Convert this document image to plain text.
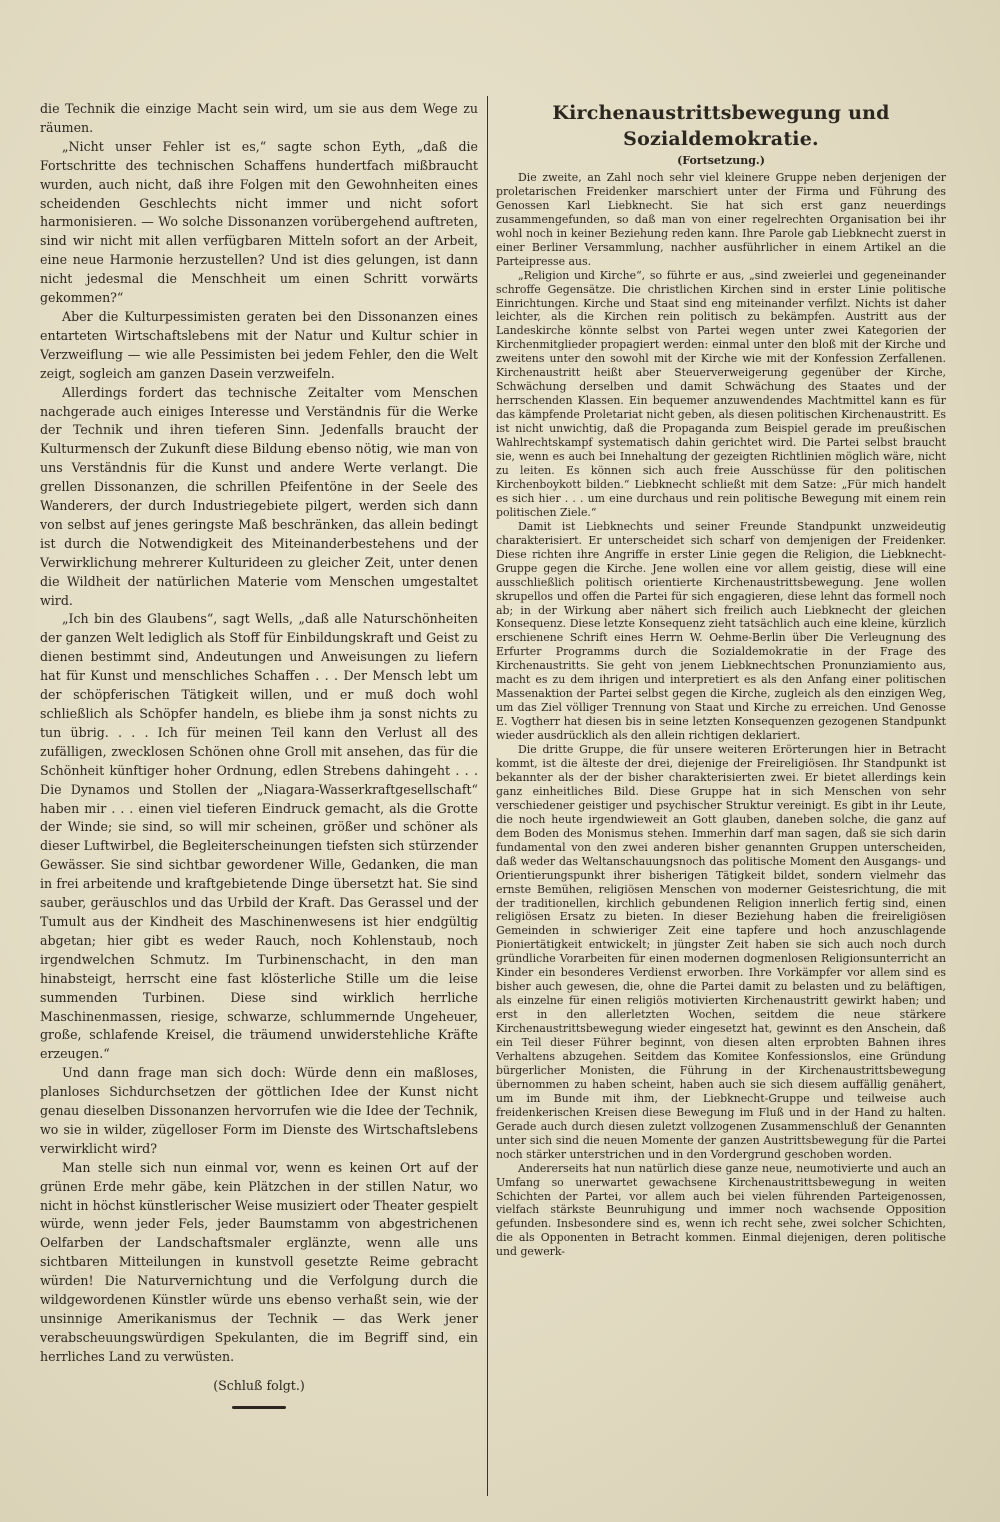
die Technik die einzige Macht sein wird, um sie aus dem Wege zu räumen.

„Nicht unser Fehler ist es,“ sagte schon Eyth, „daß die Fortschritte des technischen Schaffens hundertfach mißbraucht wurden, auch nicht, daß ihre Folgen mit den Gewohnheiten eines scheidenden Geschlechts nicht immer und nicht sofort harmonisieren. — Wo solche Dissonanzen vorübergehend auftreten, sind wir nicht mit allen verfügbaren Mitteln sofort an der Arbeit, eine neue Harmonie herzustellen? Und ist dies gelungen, ist dann nicht jedesmal die Menschheit um einen Schritt vorwärts gekommen?“

Aber die Kulturpessimisten geraten bei den Dissonanzen eines entarteten Wirtschaftslebens mit der Natur und Kultur schier in Verzweiflung — wie alle Pessimisten bei jedem Fehler, den die Welt zeigt, sogleich am ganzen Dasein verzweifeln.

Allerdings fordert das technische Zeitalter vom Menschen nachgerade auch einiges Interesse und Verständnis für die Werke der Technik und ihren tieferen Sinn. Jedenfalls braucht der Kulturmensch der Zukunft diese Bildung ebenso nötig, wie man von uns Verständnis für die Kunst und andere Werte verlangt. Die grellen Dissonanzen, die schrillen Pfeifentöne in der Seele des Wanderers, der durch Industriegebiete pilgert, werden sich dann von selbst auf jenes geringste Maß beschränken, das allein bedingt ist durch die Notwendigkeit des Miteinanderbestehens und der Verwirklichung mehrerer Kulturideen zu gleicher Zeit, unter denen die Wildheit der natürlichen Materie vom Menschen umgestaltet wird.

„Ich bin des Glaubens“, sagt Wells, „daß alle Naturschönheiten der ganzen Welt lediglich als Stoff für Einbildungskraft und Geist zu dienen bestimmt sind, Andeutungen und Anweisungen zu liefern hat für Kunst und menschliches Schaffen . . . Der Mensch lebt um der schöpferischen Tätigkeit willen, und er muß doch wohl schließlich als Schöpfer handeln, es bliebe ihm ja sonst nichts zu tun übrig. . . . Ich für meinen Teil kann den Verlust all des zufälligen, zwecklosen Schönen ohne Groll mit ansehen, das für die Schönheit künftiger hoher Ordnung, edlen Strebens dahingeht . . . Die Dynamos und Stollen der „Niagara-Wasserkraftgesellschaft“ haben mir . . . einen viel tieferen Eindruck gemacht, als die Grotte der Winde; sie sind, so will mir scheinen, größer und schöner als dieser Luftwirbel, die Begleiterscheinungen tiefsten sich stürzender Gewässer. Sie sind sichtbar gewordener Wille, Gedanken, die man in frei arbeitende und kraftgebietende Dinge übersetzt hat. Sie sind sauber, geräuschlos und das Urbild der Kraft. Das Gerassel und der Tumult aus der Kindheit des Maschinenwesens ist hier endgültig abgetan; hier gibt es weder Rauch, noch Kohlenstaub, noch irgendwelchen Schmutz. Im Turbinenschacht, in den man hinabsteigt, herrscht eine fast klösterliche Stille um die leise summenden Turbinen. Diese sind wirklich herrliche Maschinenmassen, riesige, schwarze, schlummernde Ungeheuer, große, schlafende Kreisel, die träumend unwiderstehliche Kräfte erzeugen.“

Und dann frage man sich doch: Würde denn ein maßloses, planloses Sichdurchsetzen der göttlichen Idee der Kunst nicht genau dieselben Dissonanzen hervorrufen wie die Idee der Technik, wo sie in wilder, zügelloser Form im Dienste des Wirtschaftslebens verwirklicht wird?

Man stelle sich nun einmal vor, wenn es keinen Ort auf der grünen Erde mehr gäbe, kein Plätzchen in der stillen Natur, wo nicht in höchst künstlerischer Weise musiziert oder Theater gespielt würde, wenn jeder Fels, jeder Baumstamm von abgestrichenen Oelfarben der Landschaftsmaler erglänzte, wenn alle uns sichtbaren Mitteilungen in kunstvoll gesetzte Reime gebracht würden! Die Naturvernichtung und die Verfolgung durch die wildgewordenen Künstler würde uns ebenso verhaßt sein, wie der unsinnige Amerikanismus der Technik — das Werk jener verabscheuungswürdigen Spekulanten, die im Begriff sind, ein herrliches Land zu verwüsten.

(Schluß folgt.)
Kirchenaustrittsbewegung und Sozialdemokratie.
(Fortsetzung.)

Die zweite, an Zahl noch sehr viel kleinere Gruppe neben derjenigen der proletarischen Freidenker marschiert unter der Firma und Führung des Genossen Karl Liebknecht. Sie hat sich erst ganz neuerdings zusammengefunden, so daß man von einer regelrechten Organisation bei ihr wohl noch in keiner Beziehung reden kann. Ihre Parole gab Liebknecht zuerst in einer Berliner Versammlung, nachher ausführlicher in einem Artikel an die Parteipresse aus.

„Religion und Kirche“, so führte er aus, „sind zweierlei und gegeneinander schroffe Gegensätze. Die christlichen Kirchen sind in erster Linie politische Einrichtungen. Kirche und Staat sind eng miteinander verfilzt. Nichts ist daher leichter, als die Kirchen rein politisch zu bekämpfen. Austritt aus der Landeskirche könnte selbst von Partei wegen unter zwei Kategorien der Kirchenmitglieder propagiert werden: einmal unter den bloß mit der Kirche und zweitens unter den sowohl mit der Kirche wie mit der Konfession Zerfallenen. Kirchenaustritt heißt aber Steuerverweigerung gegenüber der Kirche, Schwächung derselben und damit Schwächung des Staates und der herrschenden Klassen. Ein bequemer anzuwendendes Machtmittel kann es für das kämpfende Proletariat nicht geben, als diesen politischen Kirchenaustritt. Es ist nicht unwichtig, daß die Propaganda zum Beispiel gerade im preußischen Wahlrechtskampf systematisch dahin gerichtet wird. Die Partei selbst braucht sie, wenn es auch bei Innehaltung der gezeigten Richtlinien möglich wäre, nicht zu leiten. Es können sich auch freie Ausschüsse für den politischen Kirchenboykott bilden.“ Liebknecht schließt mit dem Satze: „Für mich handelt es sich hier . . . um eine durchaus und rein politische Bewegung mit einem rein politischen Ziele.“

Damit ist Liebknechts und seiner Freunde Standpunkt unzweideutig charakterisiert. Er unterscheidet sich scharf von demjenigen der Freidenker. Diese richten ihre Angriffe in erster Linie gegen die Religion, die Liebknecht-Gruppe gegen die Kirche. Jene wollen eine vor allem geistig, diese will eine ausschließlich politisch orientierte Kirchenaustrittsbewegung. Jene wollen skrupellos und offen die Partei für sich engagieren, diese lehnt das formell noch ab; in der Wirkung aber nähert sich freilich auch Liebknecht der gleichen Konsequenz. Diese letzte Konsequenz zieht tatsächlich auch eine kleine, kürzlich erschienene Schrift eines Herrn W. Oehme-Berlin über Die Verleugnung des Erfurter Programms durch die Sozialdemokratie in der Frage des Kirchenaustritts. Sie geht von jenem Liebknechtschen Pronunziamiento aus, macht es zu dem ihrigen und interpretiert es als den Anfang einer politischen Massenaktion der Partei selbst gegen die Kirche, zugleich als den einzigen Weg, um das Ziel völliger Trennung von Staat und Kirche zu erreichen. Und Genosse E. Vogtherr hat diesen bis in seine letzten Konsequenzen gezogenen Standpunkt wieder ausdrücklich als den allein richtigen deklariert.

Die dritte Gruppe, die für unsere weiteren Erörterungen hier in Betracht kommt, ist die älteste der drei, diejenige der Freireligiösen. Ihr Standpunkt ist bekannter als der der bisher charakterisierten zwei. Er bietet allerdings kein ganz einheitliches Bild. Diese Gruppe hat in sich Menschen von sehr verschiedener geistiger und psychischer Struktur vereinigt. Es gibt in ihr Leute, die noch heute irgendwieweit an Gott glauben, daneben solche, die ganz auf dem Boden des Monismus stehen. Immerhin darf man sagen, daß sie sich darin fundamental von den zwei anderen bisher genannten Gruppen unterscheiden, daß weder das Weltanschauungsnoch das politische Moment den Ausgangs- und Orientierungspunkt ihrer bisherigen Tätigkeit bildet, sondern vielmehr das ernste Bemühen, religiösen Menschen von moderner Geistesrichtung, die mit der traditionellen, kirchlich gebundenen Religion innerlich fertig sind, einen religiösen Ersatz zu bieten. In dieser Beziehung haben die freireligiösen Gemeinden in schwieriger Zeit eine tapfere und hoch anzuschlagende Pioniertätigkeit entwickelt; in jüngster Zeit haben sie sich auch noch durch gründliche Vorarbeiten für einen modernen dogmenlosen Religionsunterricht an Kinder ein besonderes Verdienst erworben. Ihre Vorkämpfer vor allem sind es bisher auch gewesen, die, ohne die Partei damit zu belasten und zu beläftigen, als einzelne für einen religiös motivierten Kirchenaustritt gewirkt haben; und erst in den allerletzten Wochen, seitdem die neue stärkere Kirchenaustrittsbewegung wieder eingesetzt hat, gewinnt es den Anschein, daß ein Teil dieser Führer beginnt, von diesen alten erprobten Bahnen ihres Verhaltens abzugehen. Seitdem das Komitee Konfessionslos, eine Gründung bürgerlicher Monisten, die Führung in der Kirchenaustrittsbewegung übernommen zu haben scheint, haben auch sie sich diesem auffällig genähert, um im Bunde mit ihm, der Liebknecht-Gruppe und teilweise auch freidenkerischen Kreisen diese Bewegung im Fluß und in der Hand zu halten. Gerade auch durch diesen zuletzt vollzogenen Zusammenschluß der Genannten unter sich sind die neuen Momente der ganzen Austrittsbewegung für die Partei noch stärker unterstrichen und in den Vordergrund geschoben worden.

Andererseits hat nun natürlich diese ganze neue, neumotivierte und auch an Umfang so unerwartet gewachsene Kirchenaustrittsbewegung in weiten Schichten der Partei, vor allem auch bei vielen führenden Parteigenossen, vielfach stärkste Beunruhigung und immer noch wachsende Opposition gefunden. Insbesondere sind es, wenn ich recht sehe, zwei solcher Schichten, die als Opponenten in Betracht kommen. Einmal diejenigen, deren politische und gewerk-
